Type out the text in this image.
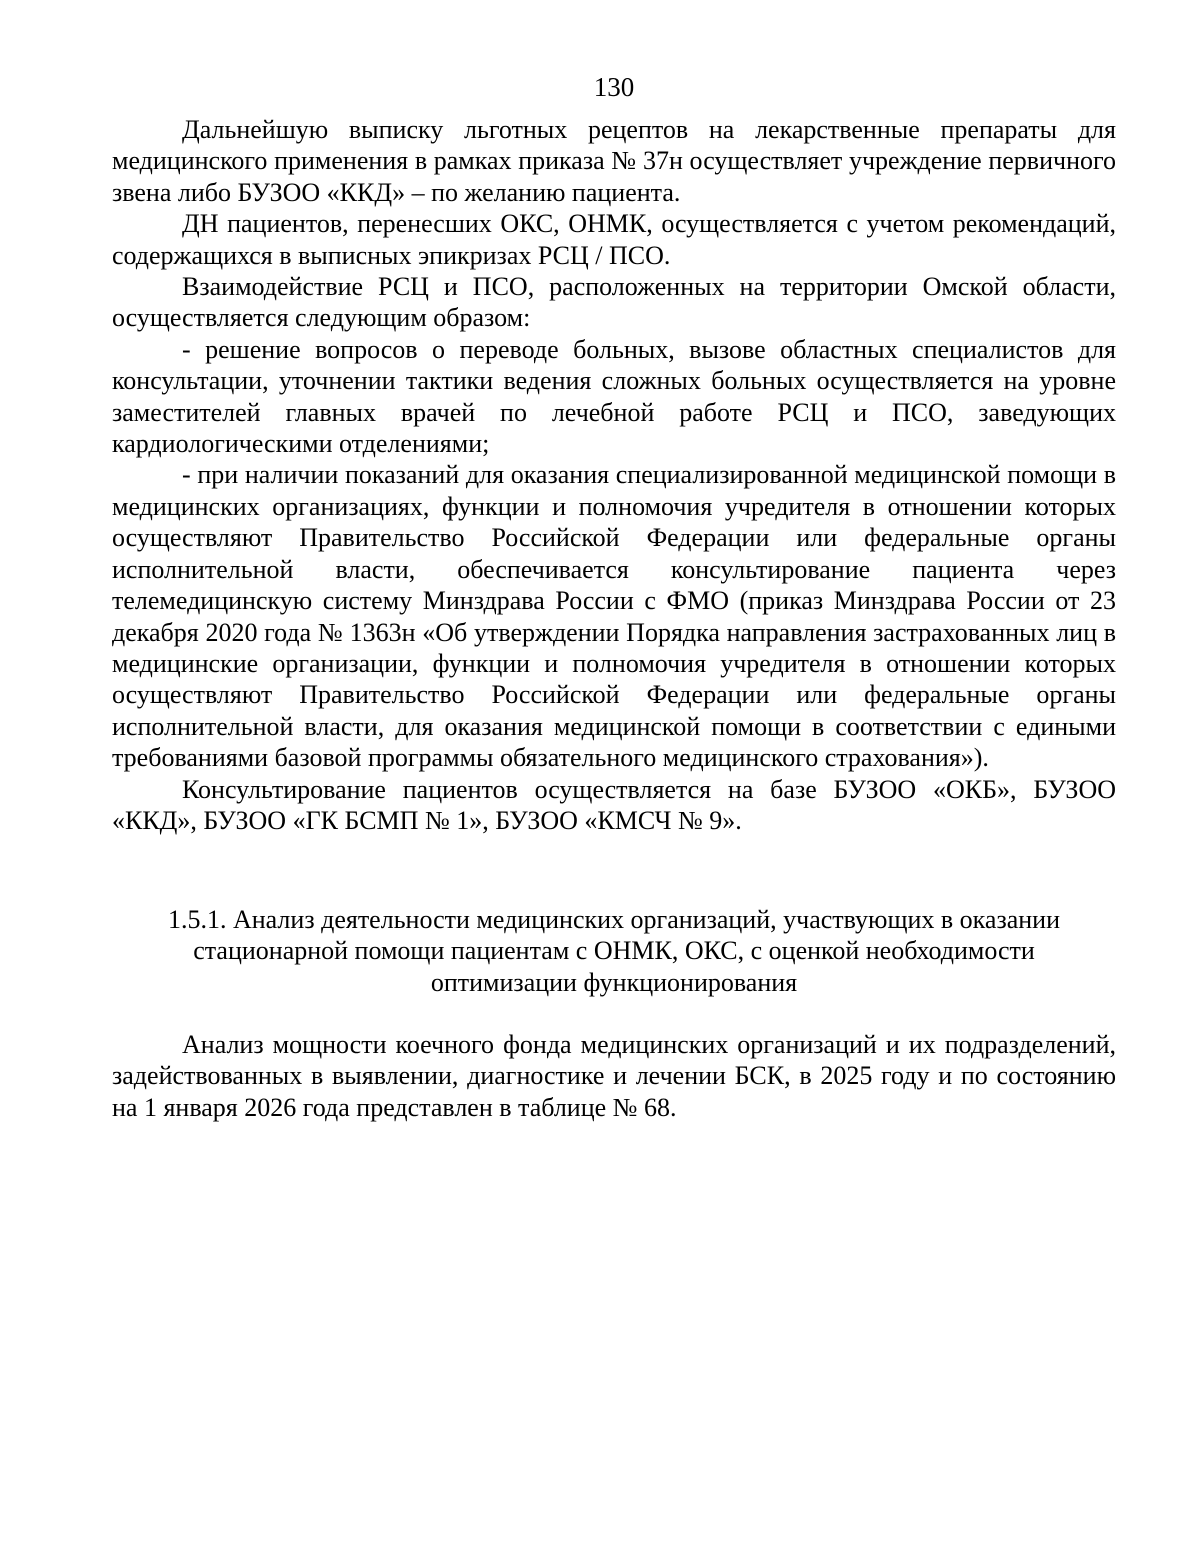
130

Дальнейшую выписку льготных рецептов на лекарственные препараты для медицинского применения в рамках приказа № 37н осуществляет учреждение первичного звена либо БУЗОО «ККД» – по желанию пациента.

ДН пациентов, перенесших ОКС, ОНМК, осуществляется с учетом рекомендаций, содержащихся в выписных эпикризах РСЦ / ПСО.

Взаимодействие РСЦ и ПСО, расположенных на территории Омской области, осуществляется следующим образом:

- решение вопросов о переводе больных, вызове областных специалистов для консультации, уточнении тактики ведения сложных больных осуществляется на уровне заместителей главных врачей по лечебной работе РСЦ и ПСО, заведующих кардиологическими отделениями;

- при наличии показаний для оказания специализированной медицинской помощи в медицинских организациях, функции и полномочия учредителя в отношении которых осуществляют Правительство Российской Федерации или федеральные органы исполнительной власти, обеспечивается консультирование пациента через телемедицинскую систему Минздрава России с ФМО (приказ Минздрава России от 23 декабря 2020 года № 1363н «Об утверждении Порядка направления застрахованных лиц в медицинские организации, функции и полномочия учредителя в отношении которых осуществляют Правительство Российской Федерации или федеральные органы исполнительной власти, для оказания медицинской помощи в соответствии с едиными требованиями базовой программы обязательного медицинского страхования»).

Консультирование пациентов осуществляется на базе БУЗОО «ОКБ», БУЗОО «ККД», БУЗОО «ГК БСМП № 1», БУЗОО «КМСЧ № 9».

1.5.1. Анализ деятельности медицинских организаций, участвующих в оказании
стационарной помощи пациентам с ОНМК, ОКС, с оценкой необходимости
оптимизации функционирования

Анализ мощности коечного фонда медицинских организаций и их подразделений, задействованных в выявлении, диагностике и лечении БСК, в 2025 году и по состоянию на 1 января 2026 года представлен в таблице № 68.
